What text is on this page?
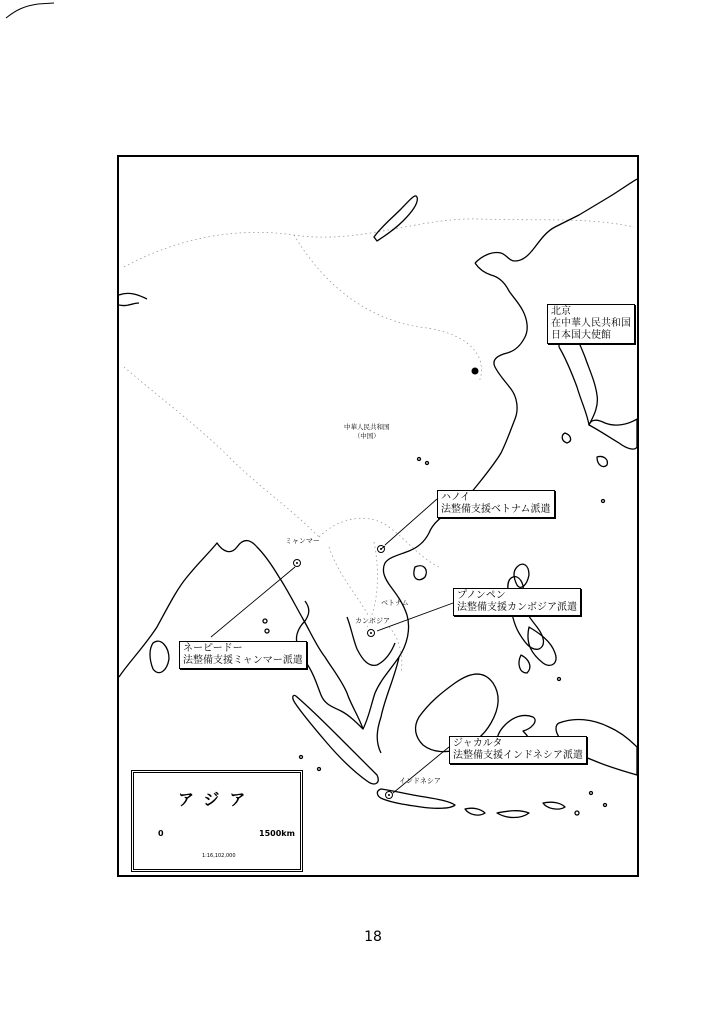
中華人民共和国
（中国）
ミャンマー
ベトナム
カンボジア
インドネシア
北京
在中華人民共和国
日本国大使館
ハノイ
法整備支援ベトナム派遣
プノンペン
法整備支援カンボジア派遣
ネーピードー
法整備支援ミャンマー派遣
ジャカルタ
法整備支援インドネシア派遣
アジア
0	1500km
1:16,102,000
18
